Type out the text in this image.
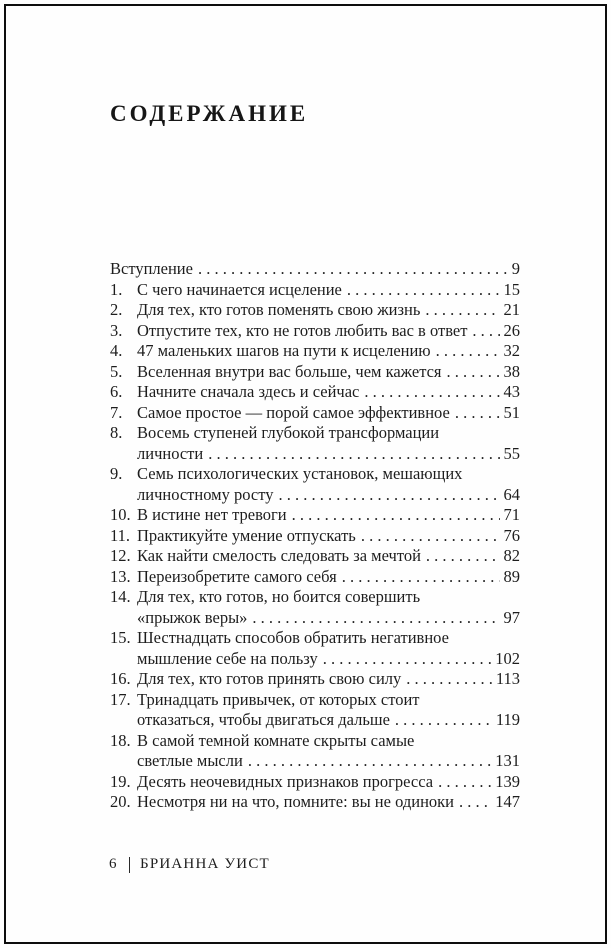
СОДЕРЖАНИЕ
Вступление . . .	9
1. С чего начинается исцеление . . .	15
2. Для тех, кто готов поменять свою жизнь . . .	21
3. Отпустите тех, кто не готов любить вас в ответ . . . 26
4. 47 маленьких шагов на пути к исцелению . . .	32
5. Вселенная внутри вас больше, чем кажется . . .	38
6. Начните сначала здесь и сейчас . . .	43
7. Самое простое — порой самое эффективное . . .	51
8. Восемь ступеней глубокой трансформации
личности . . .	55
9. Семь психологических установок, мешающих
личностному росту . . .	64
10. В истине нет тревоги . . .	71
11. Практикуйте умение отпускать . . .	76
12. Как найти смелость следовать за мечтой . . .	82
13. Переизобретите самого себя . . .	89
14. Для тех, кто готов, но боится совершить
«прыжок веры» . . .	97
15. Шестнадцать способов обратить негативное
мышление себе на пользу . . .	102
16. Для тех, кто готов принять свою силу . . .	113
17. Тринадцать привычек, от которых стоит
отказаться, чтобы двигаться дальше . . .	119
18. В самой темной комнате скрыты самые
светлые мысли . . .	131
19. Десять неочевидных признаков прогресса . . .	139
20. Несмотря ни на что, помните: вы не одиноки . . .	147
6 БРИАННА УИСТ
